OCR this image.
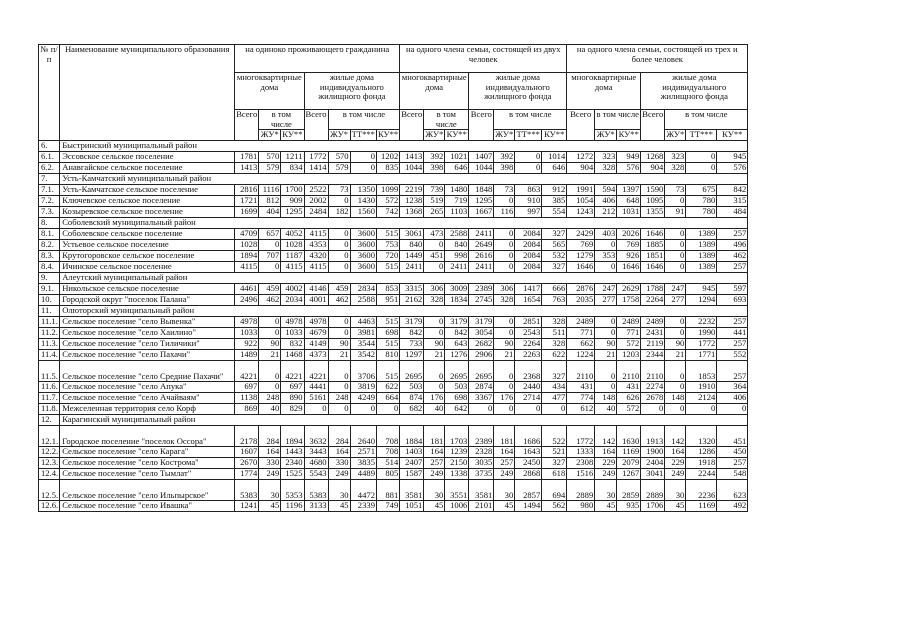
№ п/п	Наименование муниципального образования	на одиноко проживающего гражданина							на одного члена семьи, состоящей из двух человек							на одного члена семьи, состоящей из трех и более человек						
		многоквартирные дома			жилые дома индивидуального жилищного фонда				многоквартирные дома			жилые дома индивидуального жилищного фонда				многоквартирные дома			жилые дома индивидуального жилищного фонда			
		Всего	в том числе		Всего	в том числе			Всего	в том числе		Всего	в том числе			Всего	в том числе		Всего	в том числе		
			ЖУ*	КУ**		ЖУ*	ТТ***	КУ**		ЖУ*	КУ**		ЖУ*	ТТ***	КУ**		ЖУ*	КУ**		ЖУ*	ТТ***	КУ**
6.	Быстринский муниципальный район																					
6.1.	Эссовское сельское поселение	1781	570	1211	1772	570	0	1202	1413	392	1021	1407	392	0	1014	1272	323	949	1268	323	0	945
6.2.	Анавгайское сельское поселение	1413	579	834	1414	579	0	835	1044	398	646	1044	398	0	646	904	328	576	904	328	0	576
7.	Усть-Камчатский муниципальный район																					
7.1.	Усть-Камчатское сельское поселение	2816	1116	1700	2522	73	1350	1099	2219	739	1480	1848	73	863	912	1991	594	1397	1590	73	675	842
7.2.	Ключевское сельское поселение	1721	812	909	2002	0	1430	572	1238	519	719	1295	0	910	385	1054	406	648	1095	0	780	315
7.3.	Козыревское сельское поселение	1699	404	1295	2484	182	1560	742	1368	265	1103	1667	116	997	554	1243	212	1031	1355	91	780	484
8.	Соболевский муниципальный район																					
8.1.	Соболевское сельское поселение	4709	657	4052	4115	0	3600	515	3061	473	2588	2411	0	2084	327	2429	403	2026	1646	0	1389	257
8.2.	Устьевое сельское поселение	1028	0	1028	4353	0	3600	753	840	0	840	2649	0	2084	565	769	0	769	1885	0	1389	496
8.3.	Крутогоровское сельское поселение	1894	707	1187	4320	0	3600	720	1449	451	998	2616	0	2084	532	1279	353	926	1851	0	1389	462
8.4.	Ичинское сельское поселение	4115	0	4115	4115	0	3600	515	2411	0	2411	2411	0	2084	327	1646	0	1646	1646	0	1389	257
9.	Алеутский муниципальный район																					
9.1.	Никольское сельское поселение	4461	459	4002	4146	459	2834	853	3315	306	3009	2389	306	1417	666	2876	247	2629	1788	247	945	597
10.	Городской округ "поселок Палана"	2496	462	2034	4001	462	2588	951	2162	328	1834	2745	328	1654	763	2035	277	1758	2264	277	1294	693
11.	Олюторский муниципальный район																					
11.1.	Сельское поселение "село Вывенка"	4978	0	4978	4978	0	4463	515	3179	0	3179	3179	0	2851	328	2489	0	2489	2489	0	2232	257
11.2.	Сельское поселение "село Хаилино"	1033	0	1033	4679	0	3981	698	842	0	842	3054	0	2543	511	771	0	771	2431	0	1990	441
11.3.	Сельское поселение "село Тиличики"	922	90	832	4149	90	3544	515	733	90	643	2682	90	2264	328	662	90	572	2119	90	1772	257
11.4.	Сельское поселение "село Пахачи"	1489	21	1468	4373	21	3542	810	1297	21	1276	2906	21	2263	622	1224	21	1203	2344	21	1771	552
11.5.	Сельское поселение "село Средние Пахачи"	4221	0	4221	4221	0	3706	515	2695	0	2695	2695	0	2368	327	2110	0	2110	2110	0	1853	257
11.6.	Сельское поселение "село Апука"	697	0	697	4441	0	3819	622	503	0	503	2874	0	2440	434	431	0	431	2274	0	1910	364
11.7.	Сельское поселение "село Ачайваям"	1138	248	890	5161	248	4249	664	874	176	698	3367	176	2714	477	774	148	626	2678	148	2124	406
11.8.	Межселенная территория село Корф	869	40	829	0	0	0	0	682	40	642	0	0	0	0	612	40	572	0	0	0	0
12.	Карагинский муниципальный район																					
12.1.	Городское поселение "поселок Оссора"	2178	284	1894	3632	284	2640	708	1884	181	1703	2389	181	1686	522	1772	142	1630	1913	142	1320	451
12.2.	Сельское поселение "село Карага"	1607	164	1443	3443	164	2571	708	1403	164	1239	2328	164	1643	521	1333	164	1169	1900	164	1286	450
12.3.	Сельское поселение "село Кострома"	2670	330	2340	4680	330	3835	514	2407	257	2150	3035	257	2450	327	2308	229	2079	2404	229	1918	257
12.4.	Сельское поселение "село Тымлат"	1774	249	1525	5543	249	4489	805	1587	249	1338	3735	249	2868	618	1516	249	1267	3041	249	2244	548
12.5.	Сельское поселение "село Ильпырское"	5383	30	5353	5383	30	4472	881	3581	30	3551	3581	30	2857	694	2889	30	2859	2889	30	2236	623
12.6.	Сельское поселение "село Ивашка"	1241	45	1196	3133	45	2339	749	1051	45	1006	2101	45	1494	562	980	45	935	1706	45	1169	492
